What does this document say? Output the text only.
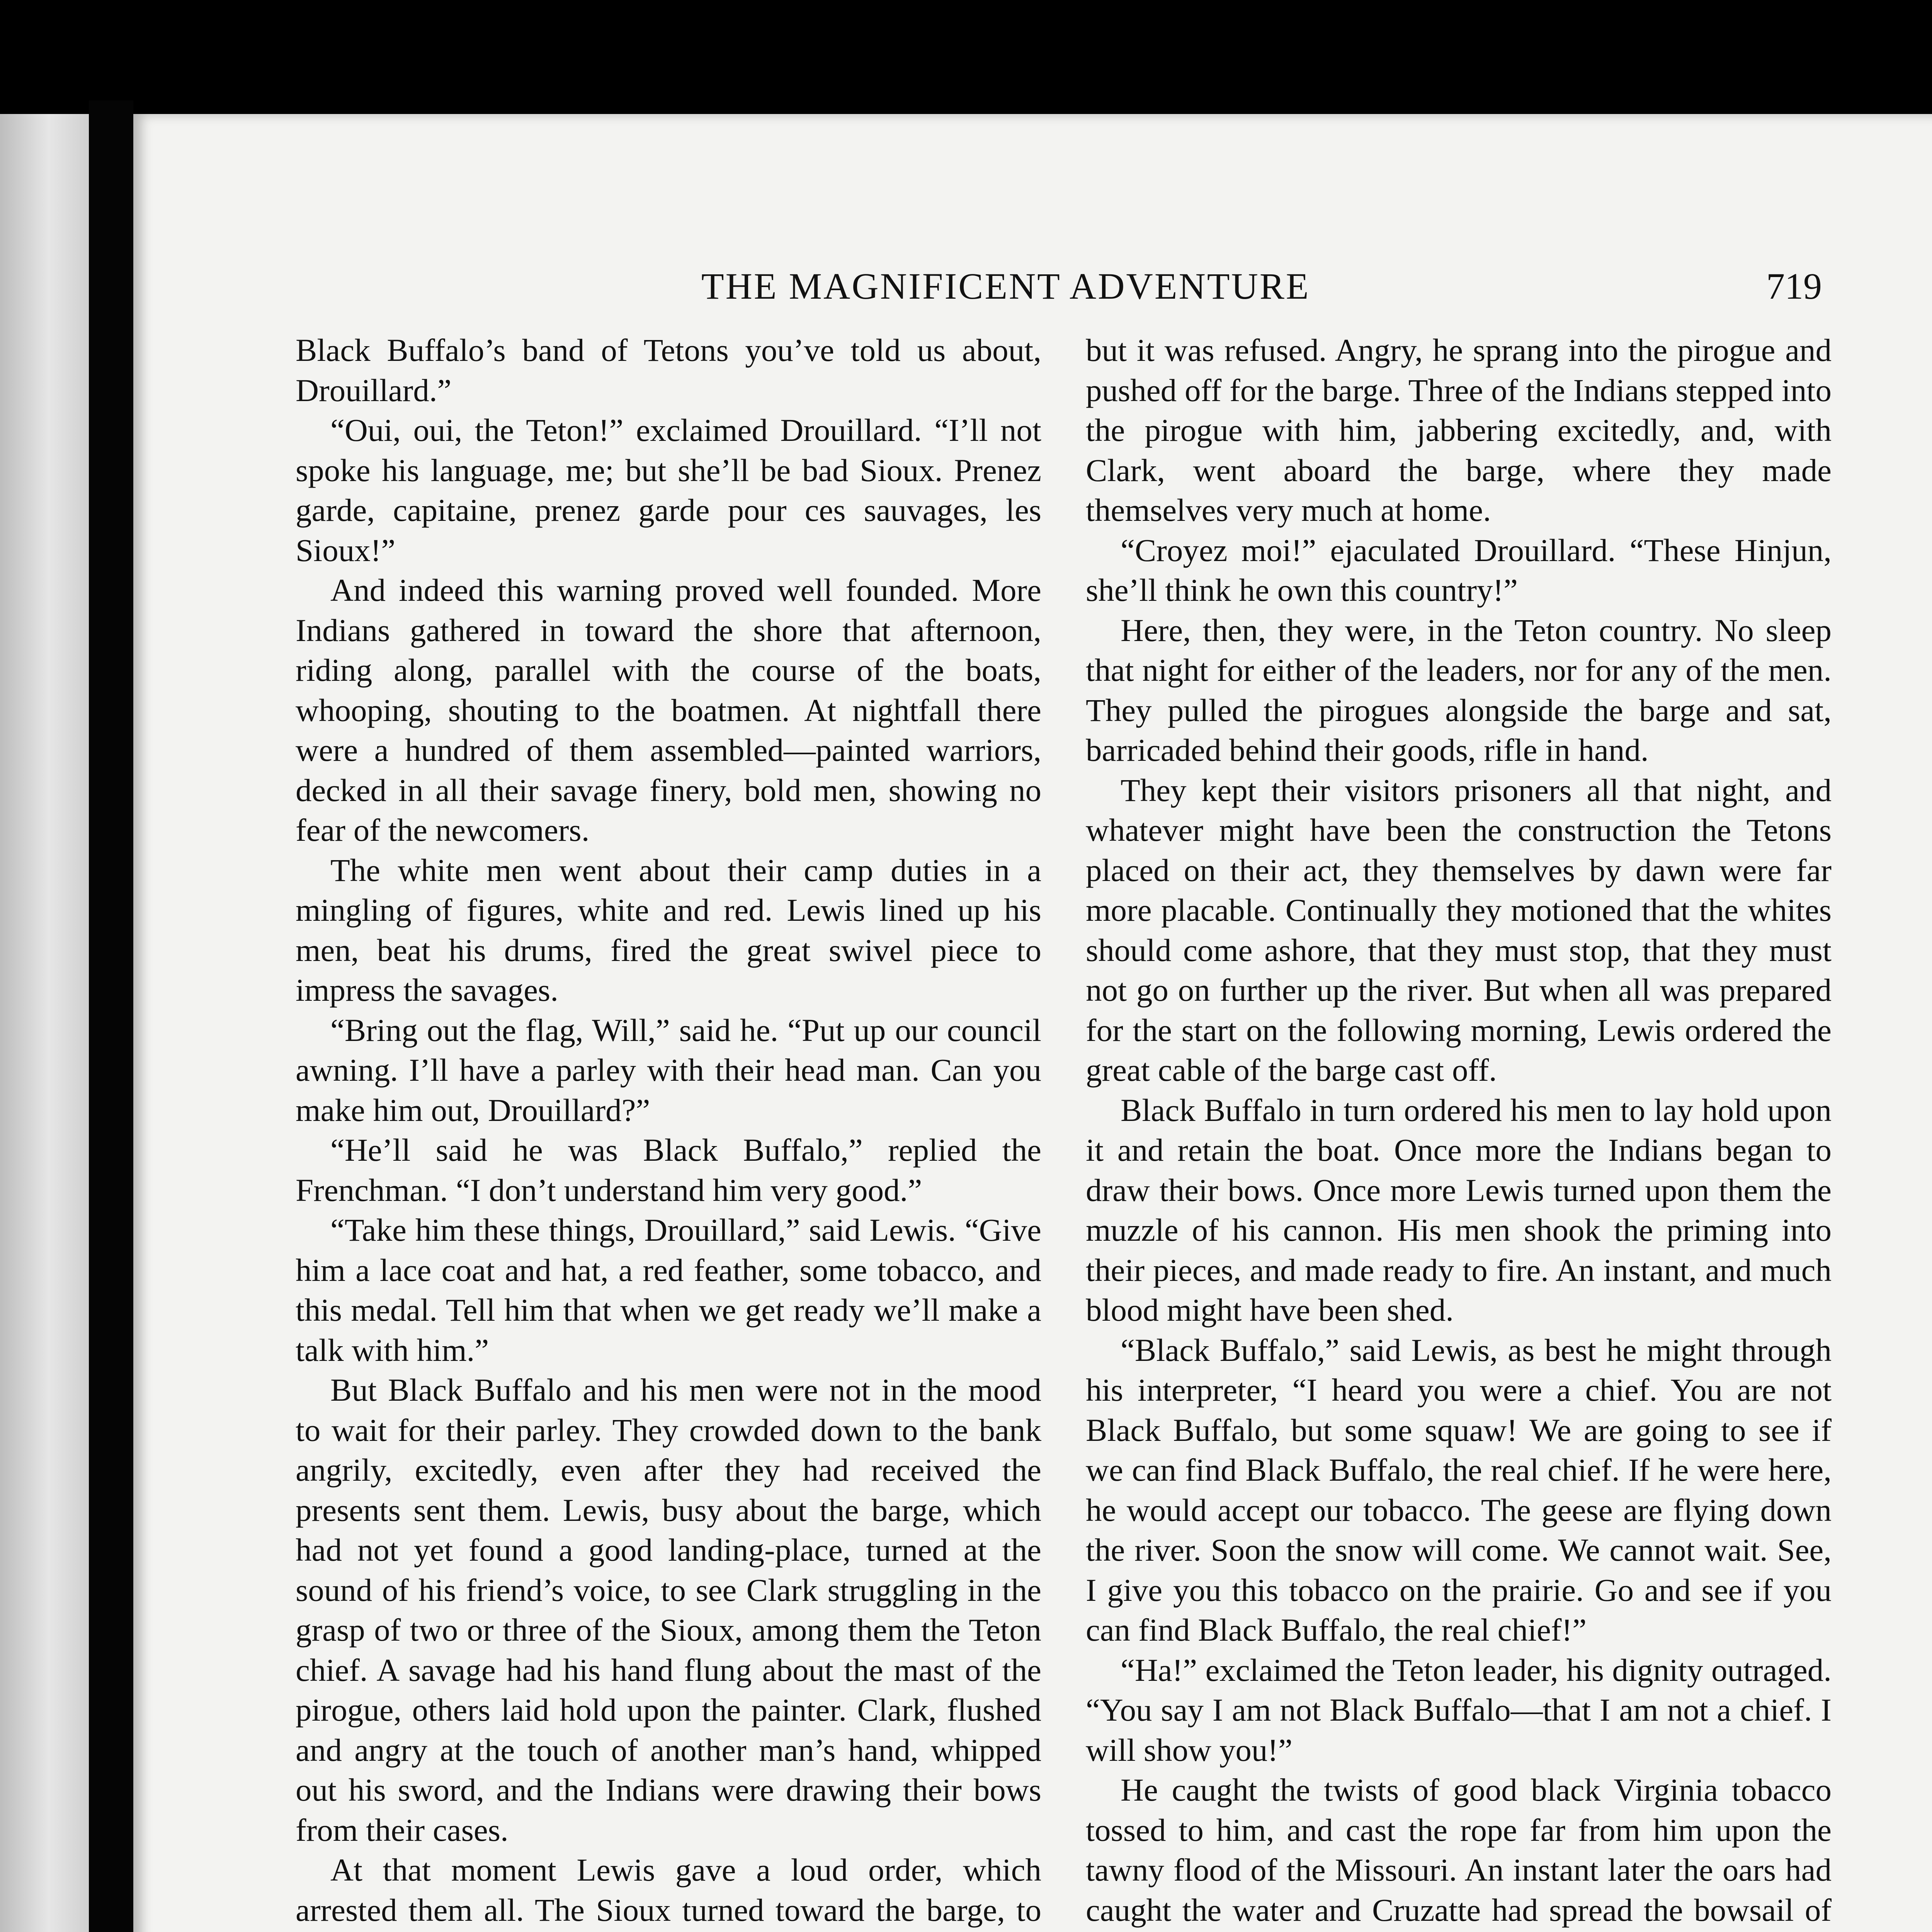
THE MAGNIFICENT ADVENTURE	719

Black Buffalo’s band of Tetons you’ve told us about, Drouillard.”

“Oui, oui, the Teton!” exclaimed Drouillard. “I’ll not spoke his language, me; but she’ll be bad Sioux. Prenez garde, capitaine, prenez garde pour ces sauvages, les Sioux!”

And indeed this warning proved well founded. More Indians gathered in toward the shore that afternoon, riding along, parallel with the course of the boats, whooping, shouting to the boatmen. At nightfall there were a hundred of them assembled—painted warriors, decked in all their savage finery, bold men, showing no fear of the newcomers.

The white men went about their camp duties in a mingling of figures, white and red. Lewis lined up his men, beat his drums, fired the great swivel piece to impress the savages.

“Bring out the flag, Will,” said he. “Put up our council awning. I’ll have a parley with their head man. Can you make him out, Drouillard?”

“He’ll said he was Black Buffalo,” replied the Frenchman. “I don’t understand him very good.”

“Take him these things, Drouillard,” said Lewis. “Give him a lace coat and hat, a red feather, some tobacco, and this medal. Tell him that when we get ready we’ll make a talk with him.”

But Black Buffalo and his men were not in the mood to wait for their parley. They crowded down to the bank angrily, excitedly, even after they had received the presents sent them. Lewis, busy about the barge, which had not yet found a good landing-place, turned at the sound of his friend’s voice, to see Clark struggling in the grasp of two or three of the Sioux, among them the Teton chief. A savage had his hand flung about the mast of the pirogue, others laid hold upon the painter. Clark, flushed and angry at the touch of another man’s hand, whipped out his sword, and the Indians were drawing their bows from their cases.

At that moment Lewis gave a loud order, which arrested them all. The Sioux turned toward the barge, to

but it was refused. Angry, he sprang into the pirogue and pushed off for the barge. Three of the Indians stepped into the pirogue with him, jabbering excitedly, and, with Clark, went aboard the barge, where they made themselves very much at home.

“Croyez moi!” ejaculated Drouillard. “These Hinjun, she’ll think he own this country!”

Here, then, they were, in the Teton country. No sleep that night for either of the leaders, nor for any of the men. They pulled the pirogues alongside the barge and sat, barricaded behind their goods, rifle in hand.

They kept their visitors prisoners all that night, and whatever might have been the construction the Tetons placed on their act, they themselves by dawn were far more placable. Continually they motioned that the whites should come ashore, that they must stop, that they must not go on further up the river. But when all was prepared for the start on the following morning, Lewis ordered the great cable of the barge cast off.

Black Buffalo in turn ordered his men to lay hold upon it and retain the boat. Once more the Indians began to draw their bows. Once more Lewis turned upon them the muzzle of his cannon. His men shook the priming into their pieces, and made ready to fire. An instant, and much blood might have been shed.

“Black Buffalo,” said Lewis, as best he might through his interpreter, “I heard you were a chief. You are not Black Buffalo, but some squaw! We are going to see if we can find Black Buffalo, the real chief. If he were here, he would accept our tobacco. The geese are flying down the river. Soon the snow will come. We cannot wait. See, I give you this tobacco on the prairie. Go and see if you can find Black Buffalo, the real chief!”

“Ha!” exclaimed the Teton leader, his dignity outraged. “You say I am not Black Buffalo—that I am not a chief. I will show you!”

He caught the twists of good black Virginia tobacco tossed to him, and cast the rope far from him upon the tawny flood of the Missouri. An instant later the oars had caught the water and Cruzatte had spread the bowsail of
